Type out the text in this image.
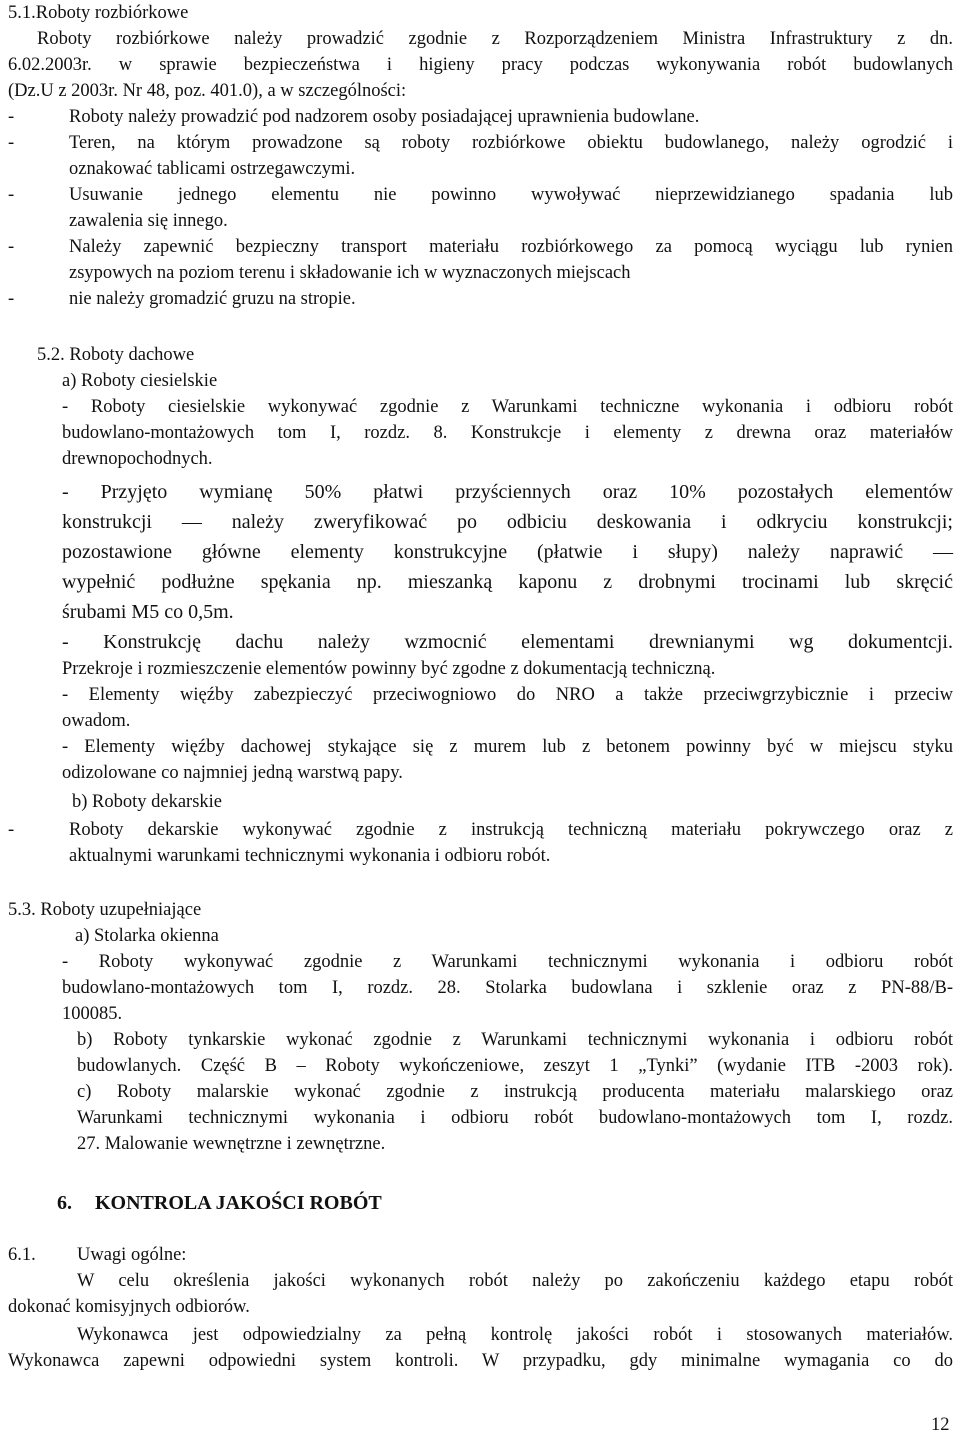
5.1.Roboty rozbiórkowe

Roboty rozbiórkowe należy prowadzić zgodnie z Rozporządzeniem Ministra Infrastruktury z dn.

6.02.2003r. w sprawie bezpieczeństwa i higieny pracy podczas wykonywania robót budowlanych

(Dz.U z 2003r. Nr 48, poz. 401.0), a w szczególności:

-	Roboty należy prowadzić pod nadzorem osoby posiadającej uprawnienia budowlane.

-	Teren, na którym prowadzone są roboty rozbiórkowe obiektu budowlanego, należy ogrodzić i

oznakować tablicami ostrzegawczymi.

-	Usuwanie jednego elementu nie powinno wywoływać nieprzewidzianego spadania lub

zawalenia się innego.

-	Należy zapewnić bezpieczny transport materiału rozbiórkowego za pomocą wyciągu lub rynien

zsypowych na poziom terenu i składowanie ich w wyznaczonych miejscach

-	nie należy gromadzić gruzu na stropie.

5.2. Roboty dachowe

a) Roboty ciesielskie

- Roboty ciesielskie wykonywać zgodnie z Warunkami techniczne wykonania i odbioru robót

budowlano-montażowych tom I, rozdz. 8. Konstrukcje i elementy z drewna oraz materiałów

drewnopochodnych.

- Przyjęto wymianę 50% płatwi przyściennych oraz 10% pozostałych elementów

konstrukcji — należy zweryfikować po odbiciu deskowania i odkryciu konstrukcji;

pozostawione główne elementy konstrukcyjne (płatwie i słupy) należy naprawić —

wypełnić podłużne spękania np. mieszanką kaponu z drobnymi trocinami lub skręcić

śrubami M5 co 0,5m.

- Konstrukcję dachu należy wzmocnić elementami drewnianymi wg dokumentcji.

Przekroje i rozmieszczenie elementów powinny być zgodne z dokumentacją techniczną.

- Elementy więźby zabezpieczyć przeciwogniowo do NRO a także przeciwgrzybicznie i przeciw

owadom.

- Elementy więźby dachowej stykające się z murem lub z betonem powinny być w miejscu styku

odizolowane co najmniej jedną warstwą papy.

b) Roboty dekarskie

-	Roboty dekarskie wykonywać zgodnie z instrukcją techniczną materiału pokrywczego oraz z

aktualnymi warunkami technicznymi wykonania i odbioru robót.

5.3. Roboty uzupełniające

a) Stolarka okienna

- Roboty wykonywać zgodnie z Warunkami technicznymi wykonania i odbioru robót

budowlano-montażowych tom I, rozdz. 28. Stolarka budowlana i szklenie oraz z PN-88/B-

100085.

b) Roboty tynkarskie wykonać zgodnie z Warunkami technicznymi wykonania i odbioru robót

budowlanych. Część B – Roboty wykończeniowe, zeszyt 1 „Tynki” (wydanie ITB -2003 rok).

c) Roboty malarskie wykonać zgodnie z instrukcją producenta materiału malarskiego oraz

Warunkami technicznymi wykonania i odbioru robót budowlano-montażowych tom I, rozdz.

27. Malowanie wewnętrzne i zewnętrzne.

6. KONTROLA JAKOŚCI ROBÓT

6.1. Uwagi ogólne:

W celu określenia jakości wykonanych robót należy po zakończeniu każdego etapu robót

dokonać komisyjnych odbiorów.

Wykonawca jest odpowiedzialny za pełną kontrolę jakości robót i stosowanych materiałów.

Wykonawca zapewni odpowiedni system kontroli. W przypadku, gdy minimalne wymagania co do

12
